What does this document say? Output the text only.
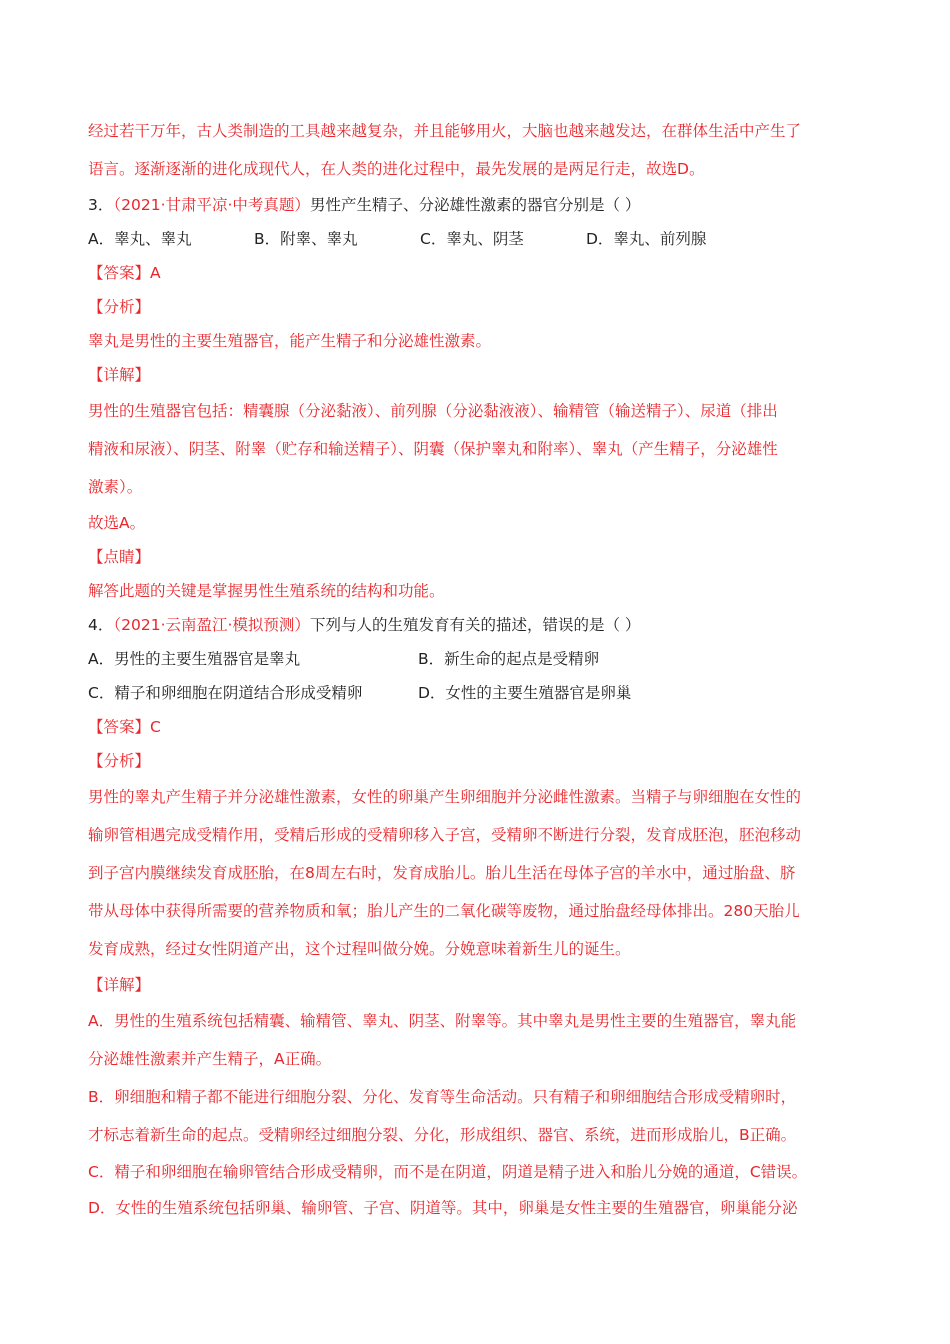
经过若干万年，古人类制造的工具越来越复杂，并且能够用火，大脑也越来越发达，在群体生活中产生了
语言。逐渐逐渐的进化成现代人，在人类的进化过程中，最先发展的是两足行走，故选D。
3．（2021·甘肃平凉·中考真题）男性产生精子、分泌雄性激素的器官分别是（ ）
A．睾丸、睾丸	B．附睾、睾丸	C．睾丸、阴茎	D．睾丸、前列腺
【答案】A
【分析】
睾丸是男性的主要生殖器官，能产生精子和分泌雄性激素。
【详解】
男性的生殖器官包括：精囊腺（分泌黏液）、前列腺（分泌黏液液）、输精管（输送精子）、尿道（排出
精液和尿液）、阴茎、附睾（贮存和输送精子）、阴囊（保护睾丸和附率）、睾丸（产生精子，分泌雄性
激素）。
故选A。
【点睛】
解答此题的关键是掌握男性生殖系统的结构和功能。
4．（2021·云南盈江·模拟预测）下列与人的生殖发育有关的描述，错误的是（ ）
A．男性的主要生殖器官是睾丸	B．新生命的起点是受精卵
C．精子和卵细胞在阴道结合形成受精卵	D．女性的主要生殖器官是卵巢
【答案】C
【分析】
男性的睾丸产生精子并分泌雄性激素，女性的卵巢产生卵细胞并分泌雌性激素。当精子与卵细胞在女性的
输卵管相遇完成受精作用，受精后形成的受精卵移入子宫，受精卵不断进行分裂，发育成胚泡，胚泡移动
到子宫内膜继续发育成胚胎，在8周左右时，发育成胎儿。胎儿生活在母体子宫的羊水中，通过胎盘、脐
带从母体中获得所需要的营养物质和氧；胎儿产生的二氧化碳等废物，通过胎盘经母体排出。280天胎儿
发育成熟，经过女性阴道产出，这个过程叫做分娩。分娩意味着新生儿的诞生。
【详解】
A．男性的生殖系统包括精囊、输精管、睾丸、阴茎、附睾等。其中睾丸是男性主要的生殖器官，睾丸能
分泌雄性激素并产生精子，A正确。
B．卵细胞和精子都不能进行细胞分裂、分化、发育等生命活动。只有精子和卵细胞结合形成受精卵时，
才标志着新生命的起点。受精卵经过细胞分裂、分化，形成组织、器官、系统，进而形成胎儿，B正确。
C．精子和卵细胞在输卵管结合形成受精卵，而不是在阴道，阴道是精子进入和胎儿分娩的通道，C错误。
D．女性的生殖系统包括卵巢、输卵管、子宫、阴道等。其中，卵巢是女性主要的生殖器官，卵巢能分泌
